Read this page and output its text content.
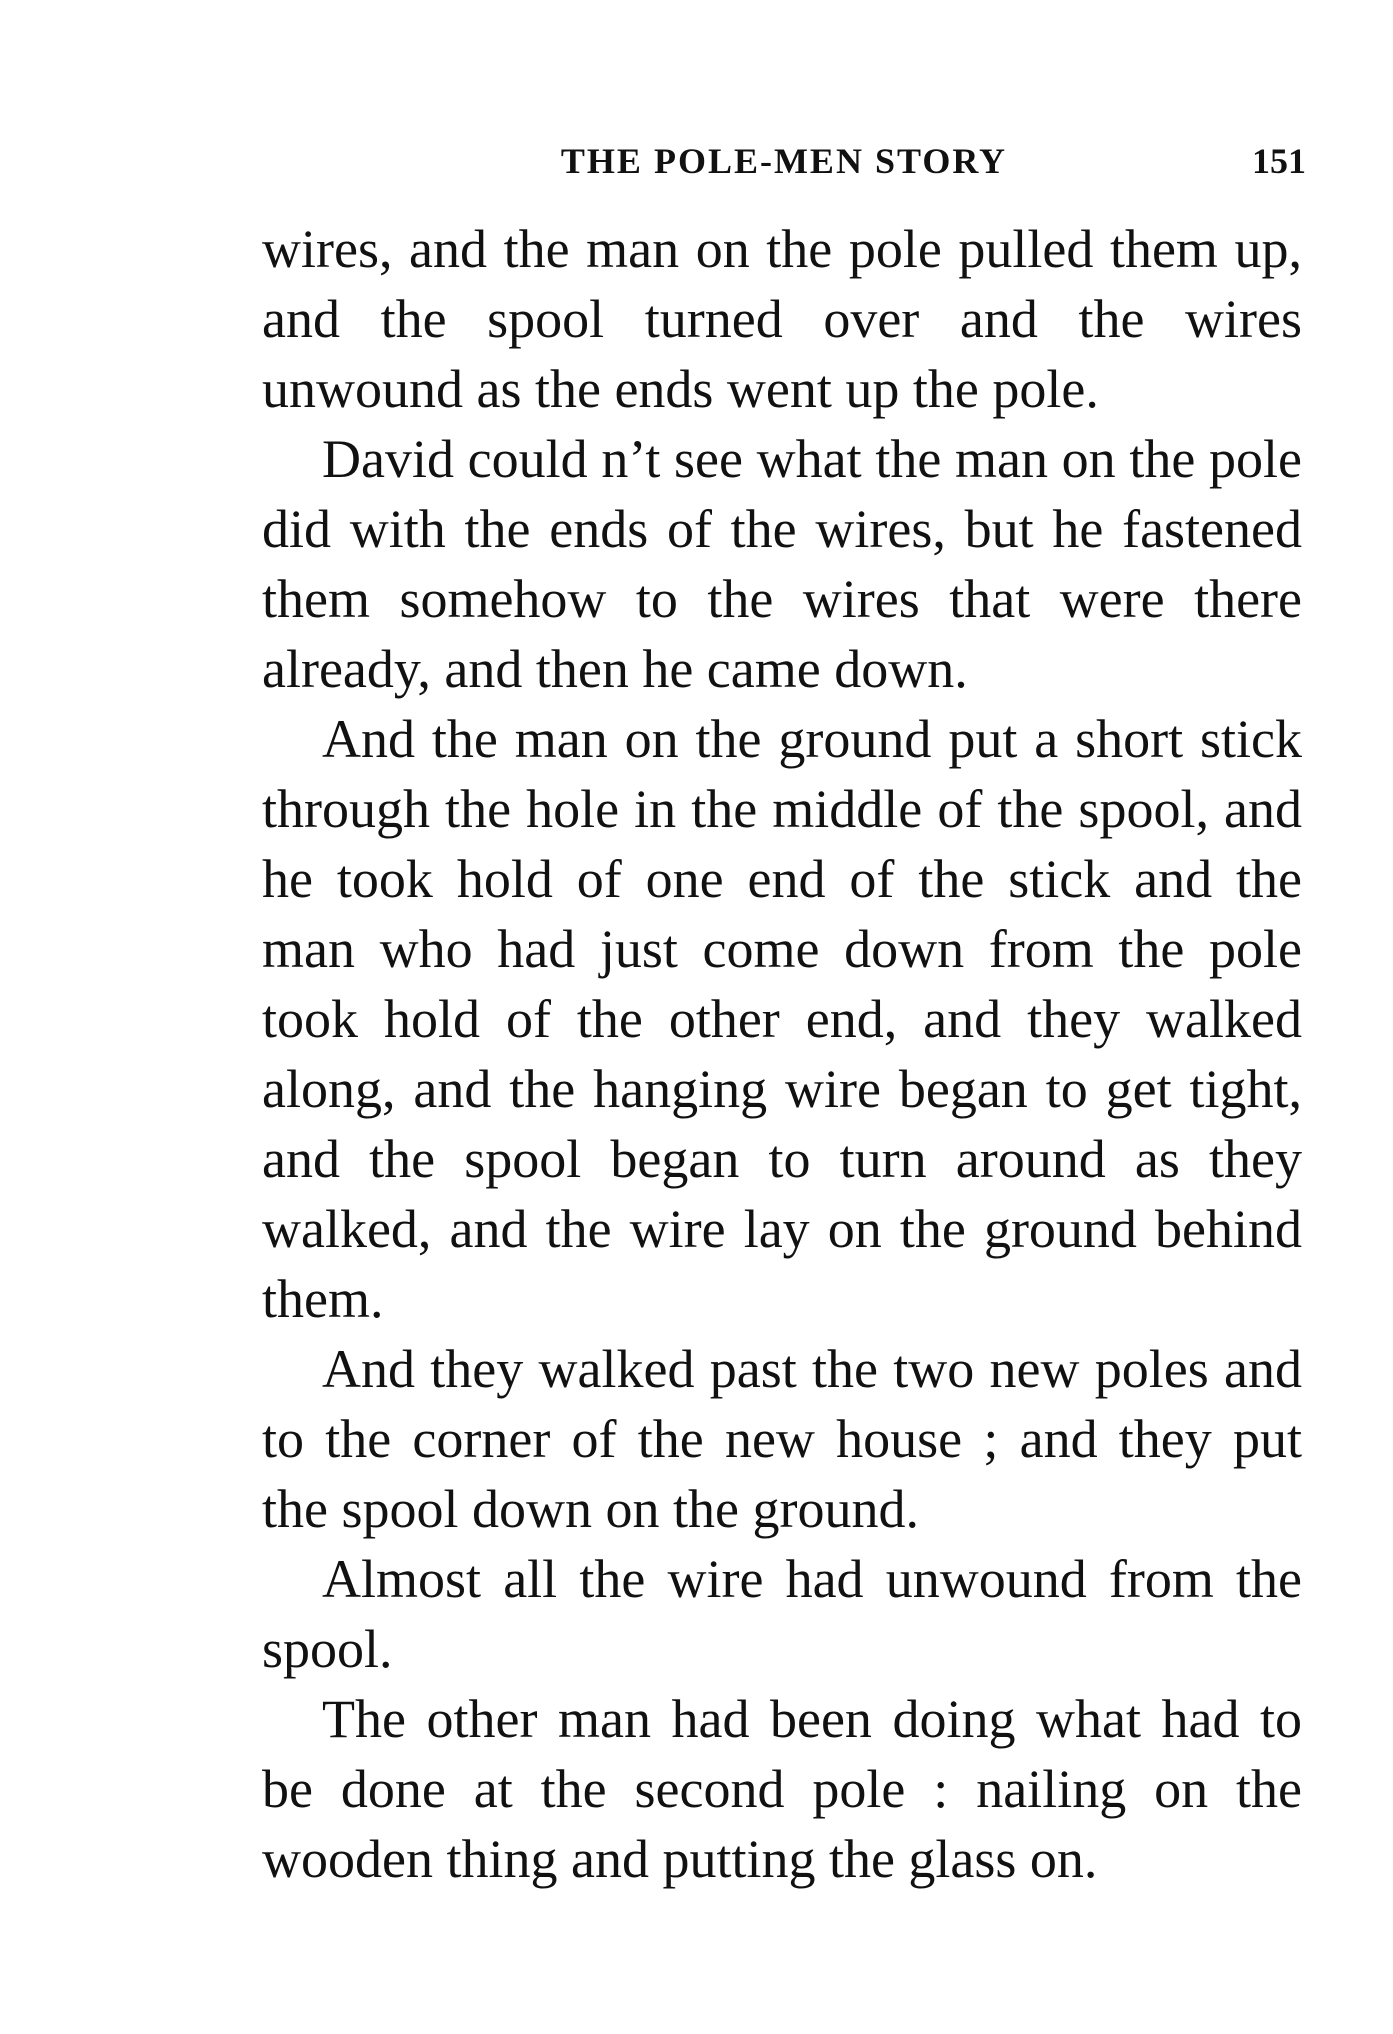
THE POLE-MEN STORY	151

wires, and the man on the pole pulled them up, and the spool turned over and the wires unwound as the ends went up the pole.

David could n’t see what the man on the pole did with the ends of the wires, but he fastened them somehow to the wires that were there already, and then he came down.

And the man on the ground put a short stick through the hole in the middle of the spool, and he took hold of one end of the stick and the man who had just come down from the pole took hold of the other end, and they walked along, and the hanging wire began to get tight, and the spool began to turn around as they walked, and the wire lay on the ground behind them.

And they walked past the two new poles and to the corner of the new house ; and they put the spool down on the ground.

Almost all the wire had unwound from the spool.

The other man had been doing what had to be done at the second pole : nailing on the wooden thing and putting the glass on.
